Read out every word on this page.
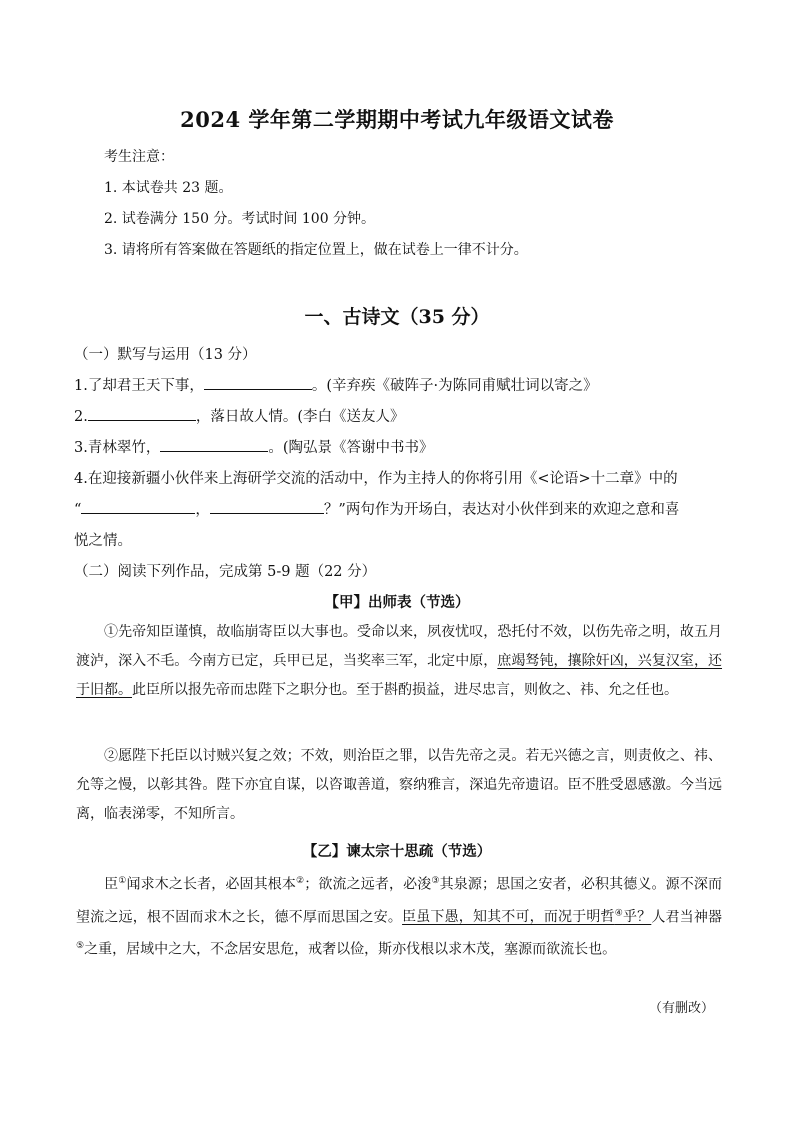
2024 学年第二学期期中考试九年级语文试卷
考生注意：
1. 本试卷共 23 题。
2. 试卷满分 150 分。考试时间 100 分钟。
3. 请将所有答案做在答题纸的指定位置上，做在试卷上一律不计分。
一、古诗文（35 分）
（一）默写与运用（13 分）
1.了却君王天下事，	。(辛弃疾《破阵子·为陈同甫赋壮词以寄之》
2.	，落日故人情。(李白《送友人》
3.青林翠竹，	。(陶弘景《答谢中书书》
4.在迎接新疆小伙伴来上海研学交流的活动中，作为主持人的你将引用《<论语>十二章》中的
“	，	？”两句作为开场白，表达对小伙伴到来的欢迎之意和喜
悦之情。
（二）阅读下列作品，完成第 5-9 题（22 分）
【甲】出师表（节选）
①先帝知臣谨慎，故临崩寄臣以大事也。受命以来，夙夜忧叹，恐托付不效，以伤先帝之明，故五月渡泸，深入不毛。今南方已定，兵甲已足，当奖率三军，北定中原，庶竭驽钝，攘除奸凶，兴复汉室，还于旧都。此臣所以报先帝而忠陛下之职分也。至于斟酌损益，进尽忠言，则攸之、祎、允之任也。
②愿陛下托臣以讨贼兴复之效；不效，则治臣之罪，以告先帝之灵。若无兴德之言，则责攸之、祎、允等之慢，以彰其咎。陛下亦宜自谋，以咨诹善道，察纳雅言，深追先帝遗诏。臣不胜受恩感激。今当远离，临表涕零，不知所言。
【乙】谏太宗十思疏（节选）
臣①闻求木之长者，必固其根本②；欲流之远者，必浚③其泉源；思国之安者，必积其德义。源不深而望流之远，根不固而求木之长，德不厚而思国之安。臣虽下愚，知其不可，而况于明哲④乎？人君当神器⑤之重，居域中之大，不念居安思危，戒奢以俭，斯亦伐根以求木茂，塞源而欲流长也。
（有删改）
